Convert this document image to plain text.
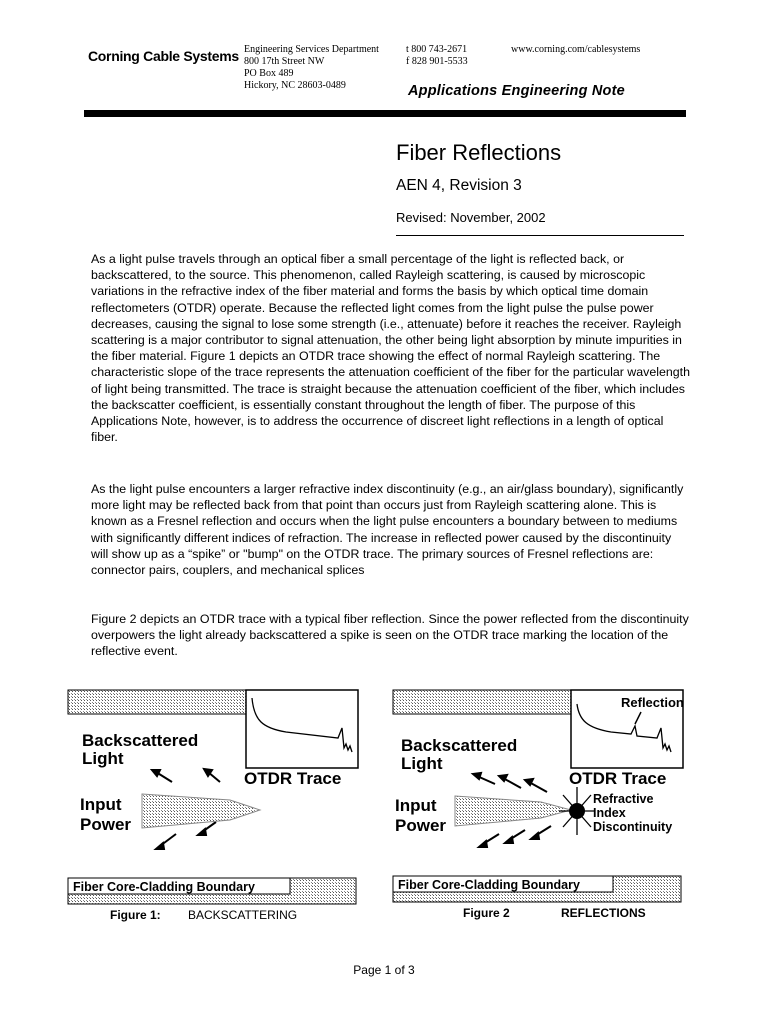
Corning Cable Systems Engineering Services Department
800 17th Street NW
PO Box 489
Hickory, NC 28603-0489
t 800 743-2671
f 828 901-5533
www.corning.com/cablesystems
Applications Engineering Note
Fiber Reflections
AEN 4, Revision 3
Revised: November, 2002
As a light pulse travels through an optical fiber a small percentage of the light is reflected back, or backscattered, to the source. This phenomenon, called Rayleigh scattering, is caused by microscopic variations in the refractive index of the fiber material and forms the basis by which optical time domain reflectometers (OTDR) operate. Because the reflected light comes from the light pulse the pulse power decreases, causing the signal to lose some strength (i.e., attenuate) before it reaches the receiver. Rayleigh scattering is a major contributor to signal attenuation, the other being light absorption by minute impurities in the fiber material. Figure 1 depicts an OTDR trace showing the effect of normal Rayleigh scattering. The characteristic slope of the trace represents the attenuation coefficient of the fiber for the particular wavelength of light being transmitted. The trace is straight because the attenuation coefficient of the fiber, which includes the backscatter coefficient, is essentially constant throughout the length of fiber. The purpose of this Applications Note, however, is to address the occurrence of discreet light reflections in a length of optical fiber.
As the light pulse encounters a larger refractive index discontinuity (e.g., an air/glass boundary), significantly more light may be reflected back from that point than occurs just from Rayleigh scattering alone. This is known as a Fresnel reflection and occurs when the light pulse encounters a boundary between to mediums with significantly different indices of refraction. The increase in reflected power caused by the discontinuity will show up as a “spike” or "bump" on the OTDR trace. The primary sources of Fresnel reflections are: connector pairs, couplers, and mechanical splices
Figure 2 depicts an OTDR trace with a typical fiber reflection. Since the power reflected from the discontinuity overpowers the light already backscattered a spike is seen on the OTDR trace marking the location of the reflective event.
Backscattered
Light
OTDR Trace
Input
Power
Fiber Core-Cladding Boundary
Figure 1: BACKSCATTERING
Reflection
Backscattered
Light
OTDR Trace
Input
Power
Refractive
Index
Discontinuity
Fiber Core-Cladding Boundary
Figure 2	REFLECTIONS
Page 1 of 3
